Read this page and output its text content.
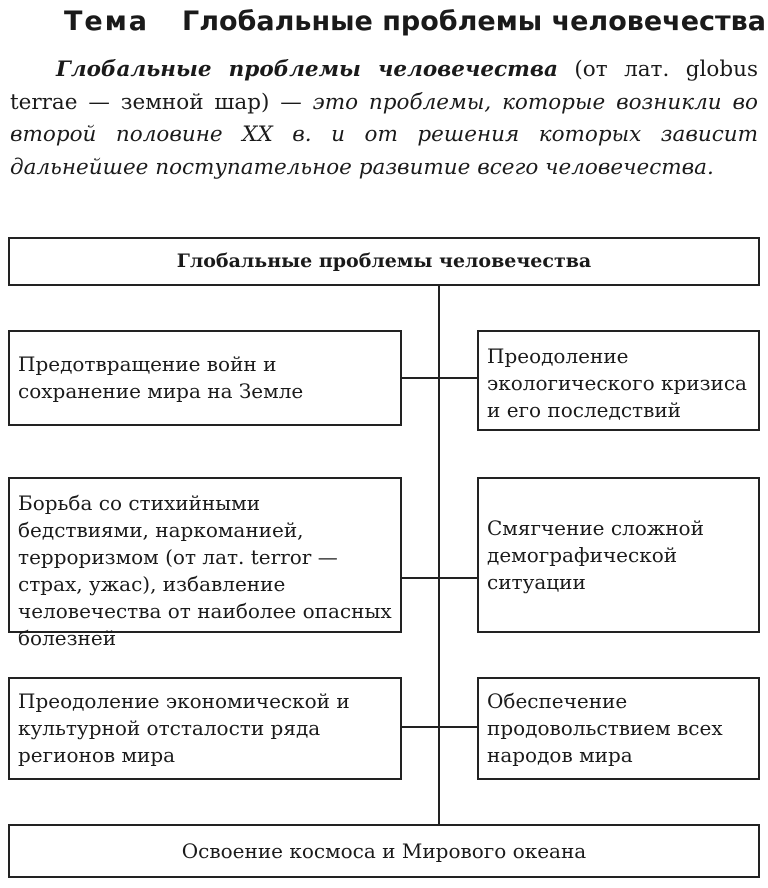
Тема Глобальные проблемы человечества
Глобальные проблемы человечества (от лат. globus terrae — земной шар) — это проблемы, которые возникли во второй половине XX в. и от решения которых зависит дальнейшее поступательное развитие всего человечества.
Глобальные проблемы человечества
Предотвращение войн и сохранение мира на Земле
Преодоление экологического кризиса и его последствий
Борьба со стихийными бедствиями, наркоманией, терроризмом (от лат. terror — страх, ужас), избавление человечества от наиболее опасных болезней
Смягчение сложной демографической ситуации
Преодоление экономической и культурной отсталости ряда регионов мира
Обеспечение продовольствием всех народов мира
Освоение космоса и Мирового океана
